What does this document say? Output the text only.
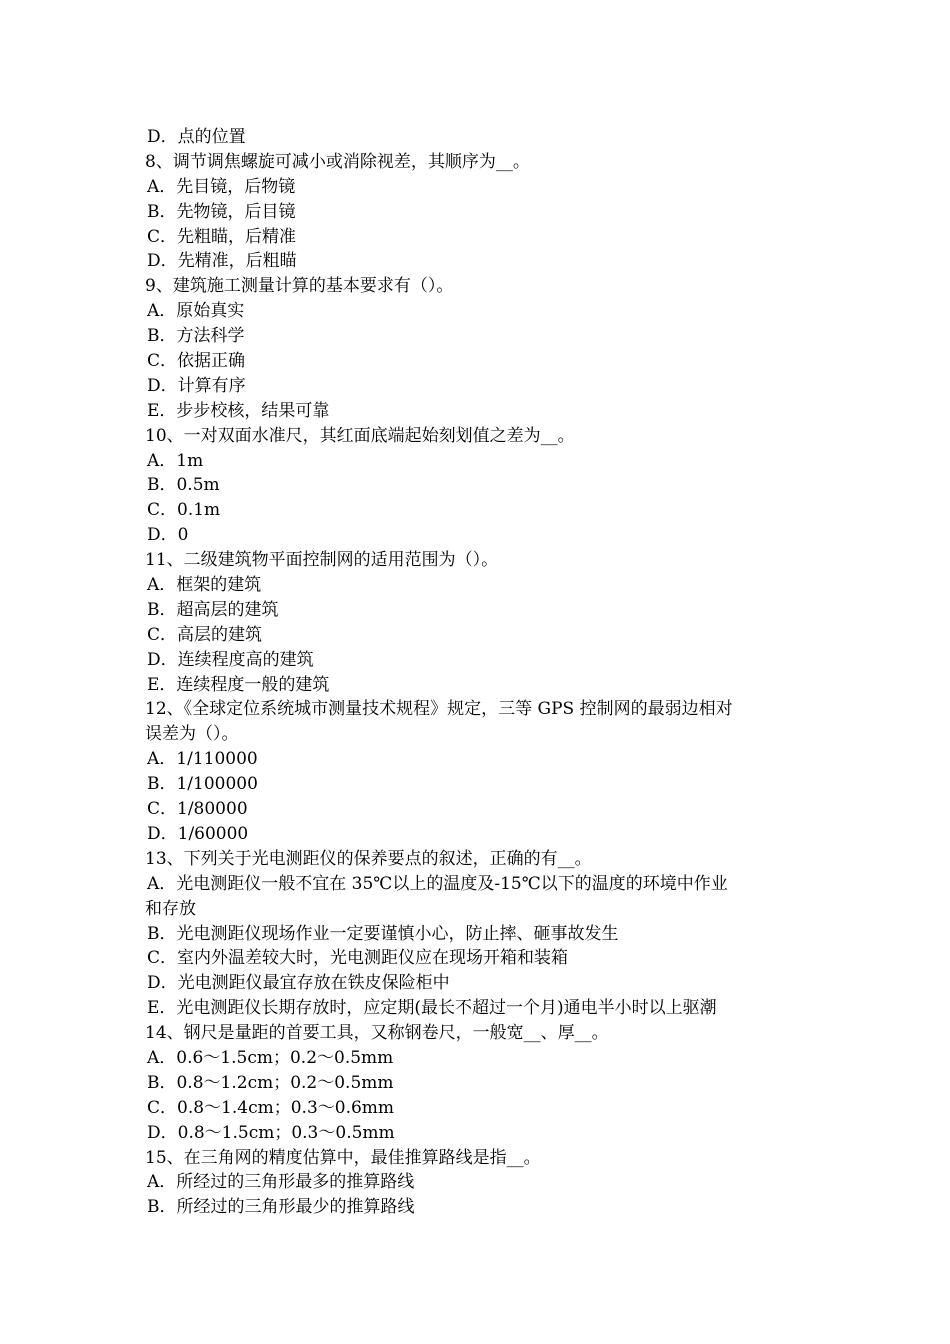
D．点的位置
8、调节调焦螺旋可减小或消除视差，其顺序为__。
A．先目镜，后物镜
B．先物镜，后目镜
C．先粗瞄，后精准
D．先精准，后粗瞄
9、建筑施工测量计算的基本要求有（）。
A．原始真实
B．方法科学
C．依据正确
D．计算有序
E．步步校核，结果可靠
10、一对双面水准尺，其红面底端起始刻划值之差为__。
A．1m
B．0.5m
C．0.1m
D．0
11、二级建筑物平面控制网的适用范围为（）。
A．框架的建筑
B．超高层的建筑
C．高层的建筑
D．连续程度高的建筑
E．连续程度一般的建筑
12、《全球定位系统城市测量技术规程》规定，三等 GPS 控制网的最弱边相对
误差为（）。
A．1/110000
B．1/100000
C．1/80000
D．1/60000
13、下列关于光电测距仪的保养要点的叙述，正确的有__。
A．光电测距仪一般不宜在 35℃以上的温度及-15℃以下的温度的环境中作业
和存放
B．光电测距仪现场作业一定要谨慎小心，防止摔、砸事故发生
C．室内外温差较大时，光电测距仪应在现场开箱和装箱
D．光电测距仪最宜存放在铁皮保险柜中
E．光电测距仪长期存放时，应定期(最长不超过一个月)通电半小时以上驱潮
14、钢尺是量距的首要工具，又称钢卷尺，一般宽__、厚__。
A．0.6～1.5cm；0.2～0.5mm
B．0.8～1.2cm；0.2～0.5mm
C．0.8～1.4cm；0.3～0.6mm
D．0.8～1.5cm；0.3～0.5mm
15、在三角网的精度估算中，最佳推算路线是指__。
A．所经过的三角形最多的推算路线
B．所经过的三角形最少的推算路线
